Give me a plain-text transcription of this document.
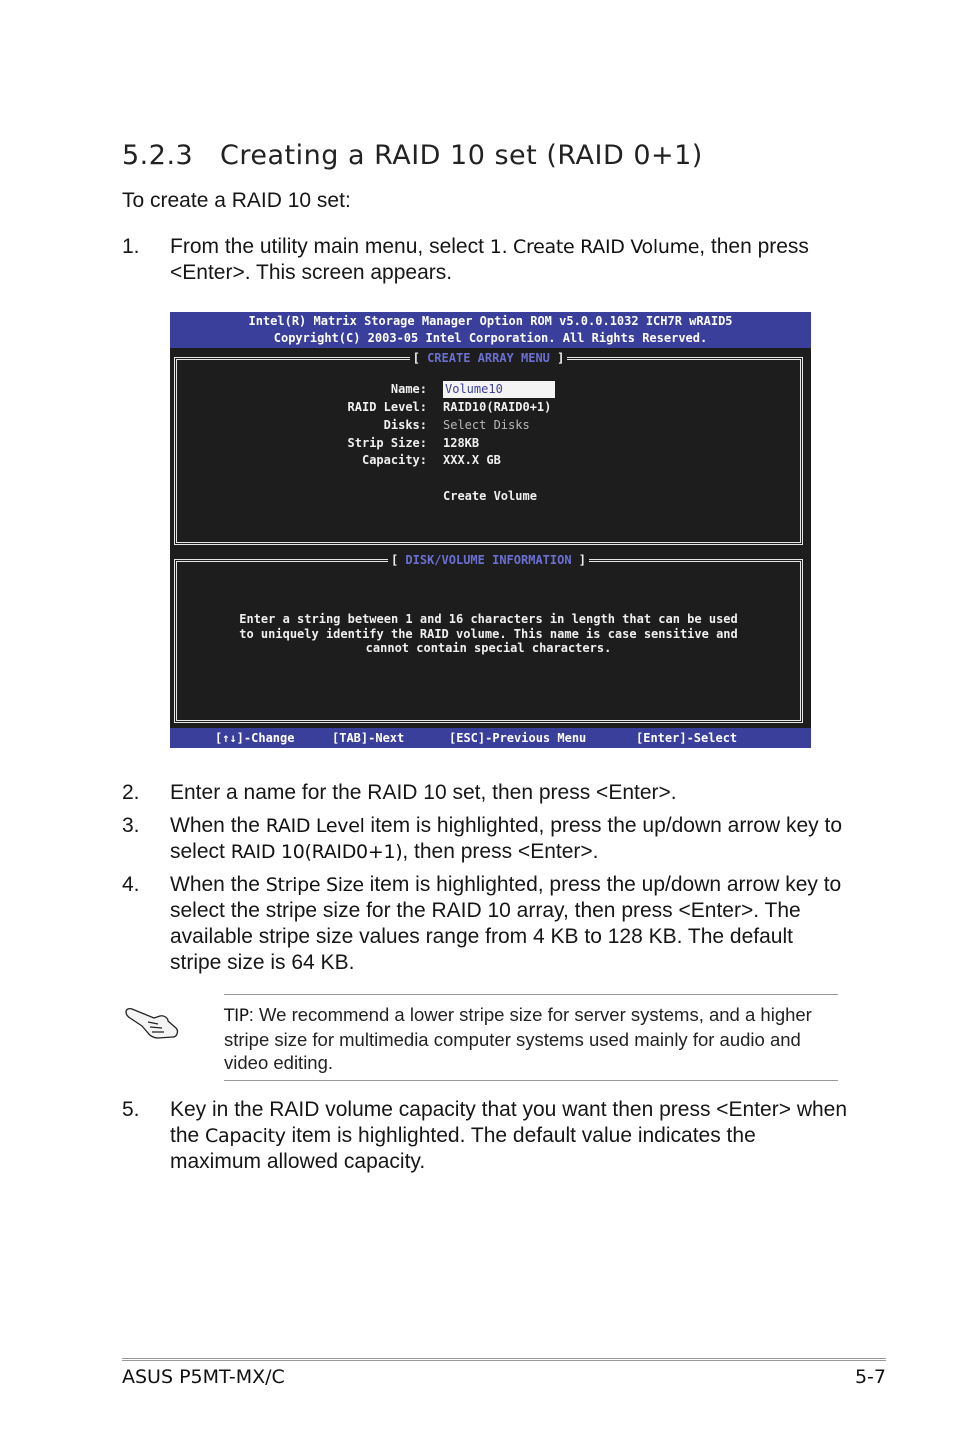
5.2.3 Creating a RAID 10 set (RAID 0+1)
To create a RAID 10 set:
1. From the utility main menu, select 1. Create RAID Volume, then press <Enter>. This screen appears.
Intel(R) Matrix Storage Manager Option ROM v5.0.0.1032 ICH7R wRAID5
Copyright(C) 2003-05 Intel Corporation. All Rights Reserved.
[ CREATE ARRAY MENU ]
Name: Volume10
RAID Level: RAID10(RAID0+1)
Disks: Select Disks
Strip Size: 128KB
Capacity: XXX.X GB
Create Volume
[ DISK/VOLUME INFORMATION ]
Enter a string between 1 and 16 characters in length that can be used
to uniquely identify the RAID volume. This name is case sensitive and
cannot contain special characters.
[↑↓]-Change	[TAB]-Next	[ESC]-Previous Menu	[Enter]-Select
2. Enter a name for the RAID 10 set, then press <Enter>.
3. When the RAID Level item is highlighted, press the up/down arrow key to select RAID 10(RAID0+1), then press <Enter>.
4. When the Stripe Size item is highlighted, press the up/down arrow key to select the stripe size for the RAID 10 array, then press <Enter>. The available stripe size values range from 4 KB to 128 KB. The default stripe size is 64 KB.
TIP: We recommend a lower stripe size for server systems, and a higher stripe size for multimedia computer systems used mainly for audio and video editing.
5. Key in the RAID volume capacity that you want then press <Enter> when the Capacity item is highlighted. The default value indicates the maximum allowed capacity.
ASUS P5MT-MX/C	5-7
